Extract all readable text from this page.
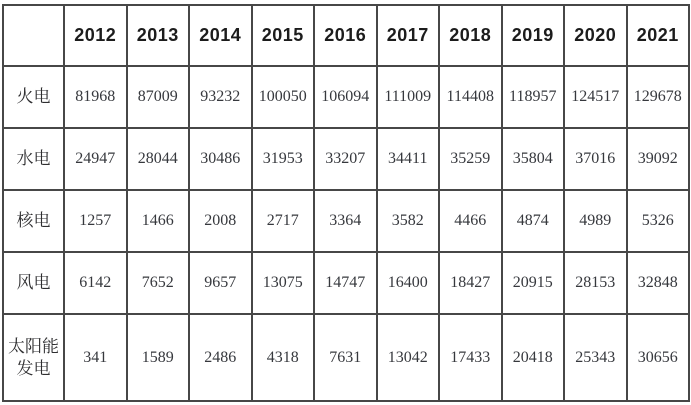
	2012	2013	2014	2015	2016	2017	2018	2019	2020	2021
火电	81968	87009	93232	100050	106094	111009	114408	118957	124517	129678
水电	24947	28044	30486	31953	33207	34411	35259	35804	37016	39092
核电	1257	1466	2008	2717	3364	3582	4466	4874	4989	5326
风电	6142	7652	9657	13075	14747	16400	18427	20915	28153	32848
太阳能发电	341	1589	2486	4318	7631	13042	17433	20418	25343	30656
